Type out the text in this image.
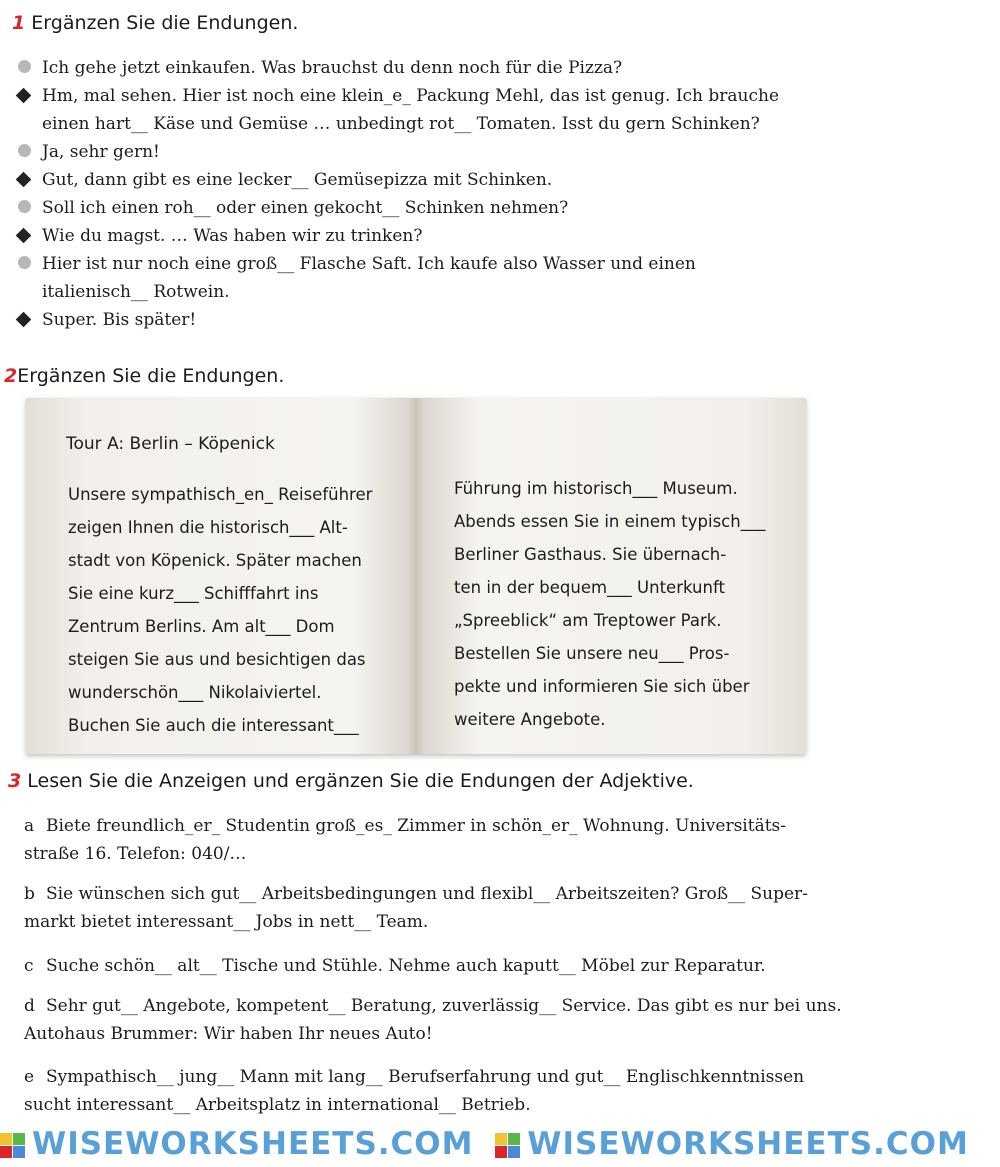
1 Ergänzen Sie die Endungen.
Ich gehe jetzt einkaufen. Was brauchst du denn noch für die Pizza?
Hm, mal sehen. Hier ist noch eine klein_e_ Packung Mehl, das ist genug. Ich brauche
einen hart__ Käse und Gemüse … unbedingt rot__ Tomaten. Isst du gern Schinken?
Ja, sehr gern!
Gut, dann gibt es eine lecker__ Gemüsepizza mit Schinken.
Soll ich einen roh__ oder einen gekocht__ Schinken nehmen?
Wie du magst. … Was haben wir zu trinken?
Hier ist nur noch eine groß__ Flasche Saft. Ich kaufe also Wasser und einen
italienisch__ Rotwein.
Super. Bis später!
2Ergänzen Sie die Endungen.
Tour A: Berlin – Köpenick
Unsere sympathisch_en_ Reiseführer
zeigen Ihnen die historisch___ Alt-
stadt von Köpenick. Später machen
Sie eine kurz___ Schifffahrt ins
Zentrum Berlins. Am alt___ Dom
steigen Sie aus und besichtigen das
wunderschön___ Nikolaiviertel.
Buchen Sie auch die interessant___
Führung im historisch___ Museum.
Abends essen Sie in einem typisch___
Berliner Gasthaus. Sie übernach-
ten in der bequem___ Unterkunft
„Spreeblick“ am Treptower Park.
Bestellen Sie unsere neu___ Pros-
pekte und informieren Sie sich über
weitere Angebote.
3 Lesen Sie die Anzeigen und ergänzen Sie die Endungen der Adjektive.
a Biete freundlich_er_ Studentin groß_es_ Zimmer in schön_er_ Wohnung. Universitäts-
straße 16. Telefon: 040/…
b Sie wünschen sich gut__ Arbeitsbedingungen und flexibl__ Arbeitszeiten? Groß__ Super-
markt bietet interessant__ Jobs in nett__ Team.
c Suche schön__ alt__ Tische und Stühle. Nehme auch kaputt__ Möbel zur Reparatur.
d Sehr gut__ Angebote, kompetent__ Beratung, zuverlässig__ Service. Das gibt es nur bei uns.
Autohaus Brummer: Wir haben Ihr neues Auto!
e Sympathisch__ jung__ Mann mit lang__ Berufserfahrung und gut__ Englischkenntnissen
sucht interessant__ Arbeitsplatz in international__ Betrieb.
WISEWORKSHEETS.COM WISEWORKSHEETS.COM
